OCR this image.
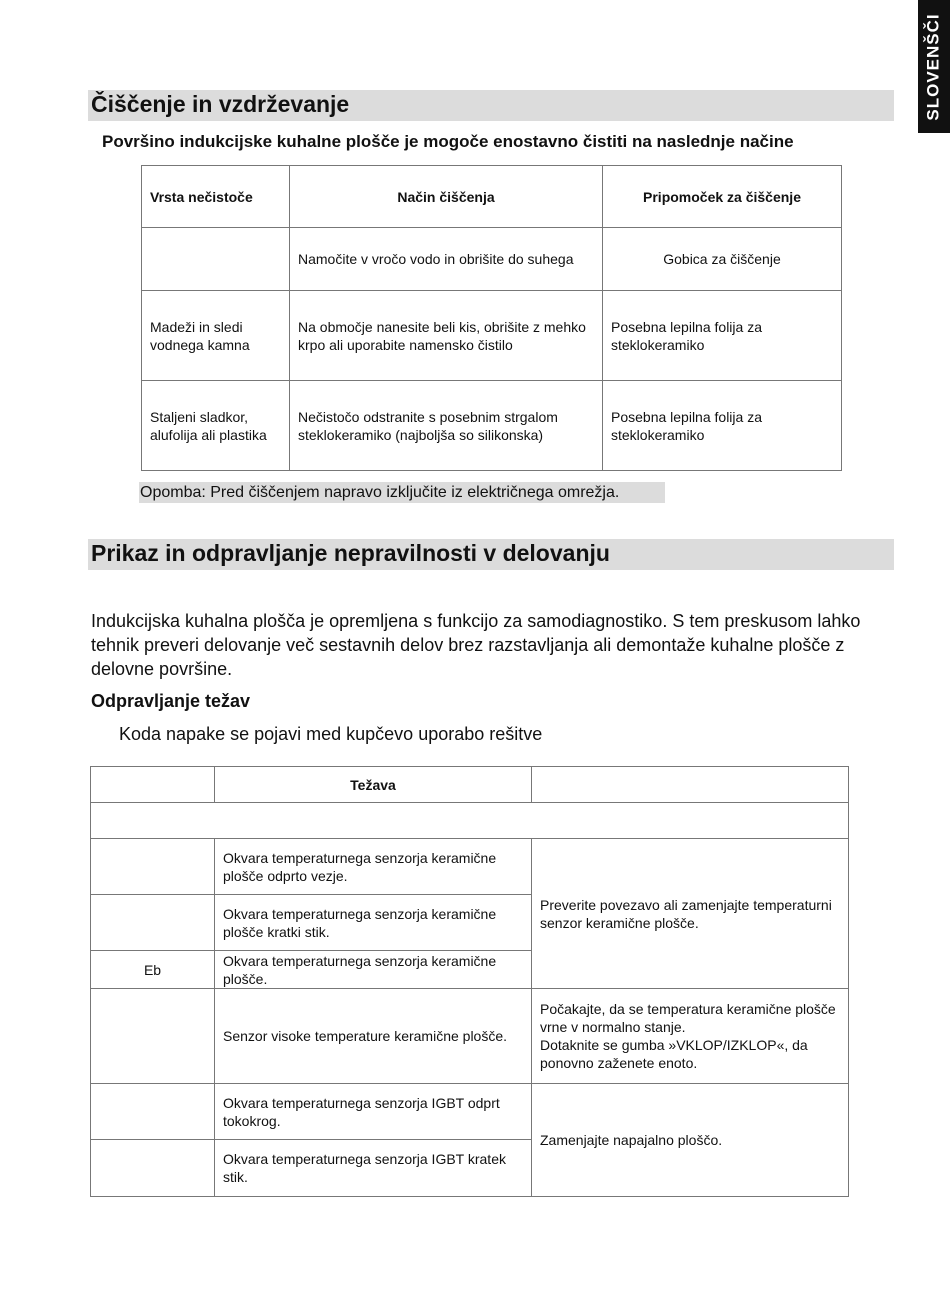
SLOVENŠČI
Čiščenje in vzdrževanje
Površino indukcijske kuhalne plošče je mogoče enostavno čistiti na naslednje načine
Vrsta nečistoče	Način čiščenja	Pripomoček za čiščenje
	Namočite v vročo vodo in obrišite do suhega	Gobica za čiščenje
Madeži in sledi vodnega kamna	Na območje nanesite beli kis, obrišite z mehko krpo ali uporabite namensko čistilo	Posebna lepilna folija za steklokeramiko
Staljeni sladkor, alufolija ali plastika	Nečistočo odstranite s posebnim strgalom steklokeramiko (najboljša so silikonska)	Posebna lepilna folija za steklokeramiko
Opomba: Pred čiščenjem napravo izključite iz električnega omrežja.
Prikaz in odpravljanje nepravilnosti v delovanju
Indukcijska kuhalna plošča je opremljena s funkcijo za samodiagnostiko. S tem preskusom lahko tehnik preveri delovanje več sestavnih delov brez razstavljanja ali demontaže kuhalne plošče z delovne površine.
Odpravljanje težav
Koda napake se pojavi med kupčevo uporabo rešitve
	Težava	

	Okvara temperaturnega senzorja keramične plošče odprto vezje.	Preverite povezavo ali zamenjajte temperaturni senzor keramične plošče.
	Okvara temperaturnega senzorja keramične plošče kratki stik.	
Eb	Okvara temperaturnega senzorja keramične plošče.	
	Senzor visoke temperature keramične plošče.	Počakajte, da se temperatura keramične plošče vrne v normalno stanje.
Dotaknite se gumba »VKLOP/IZKLOP«, da ponovno zaženete enoto.
	Okvara temperaturnega senzorja IGBT odprt tokokrog.	Zamenjajte napajalno ploščo.
	Okvara temperaturnega senzorja IGBT kratek stik.	
